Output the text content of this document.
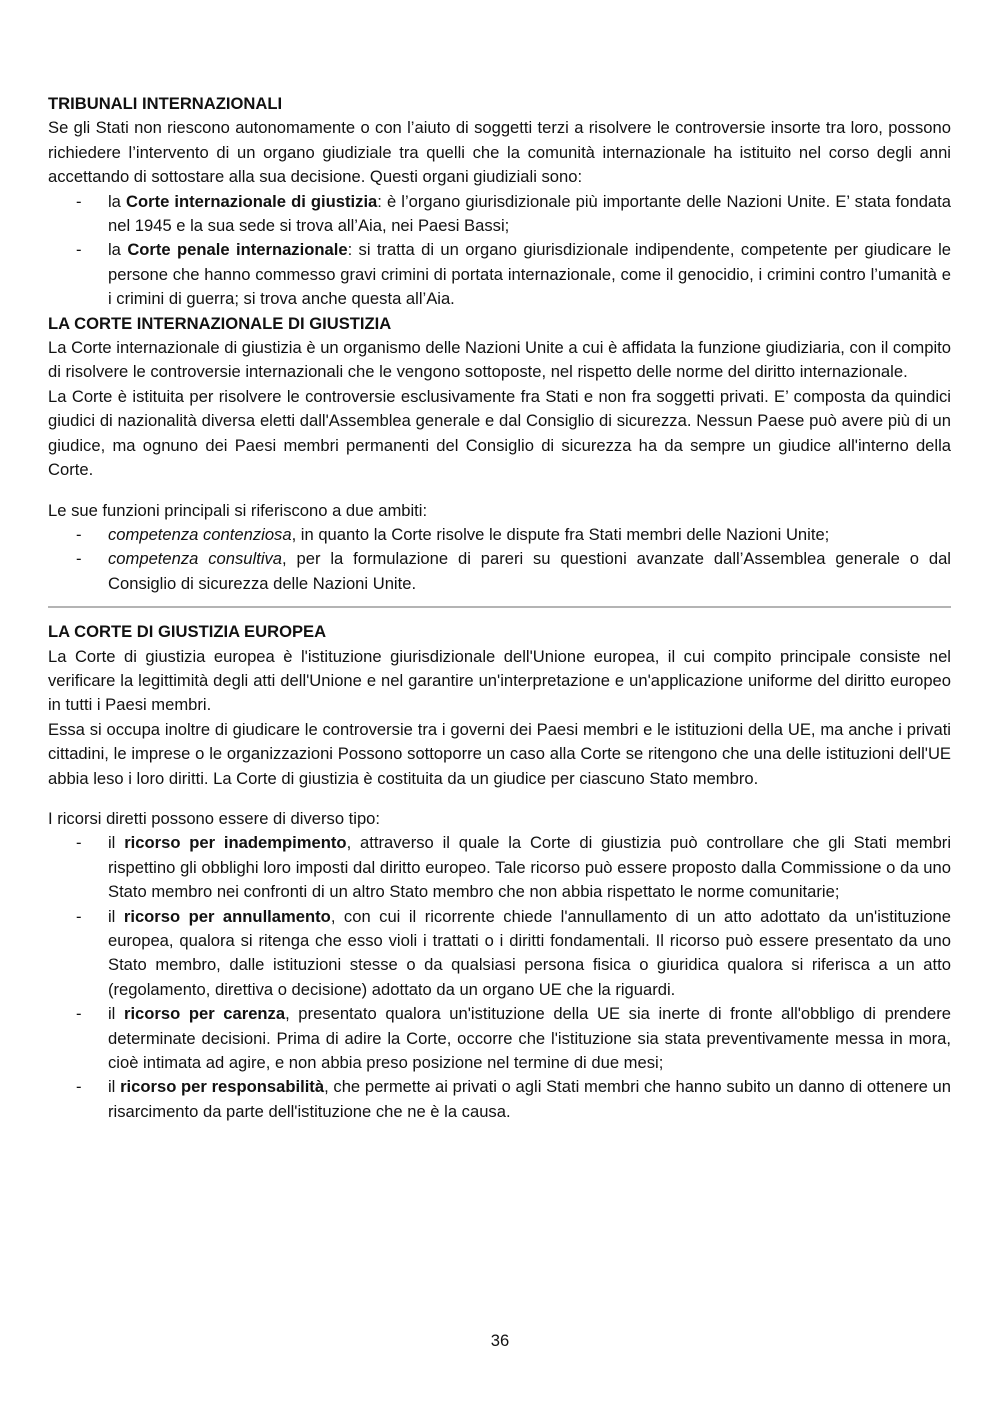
TRIBUNALI INTERNAZIONALI

Se gli Stati non riescono autonomamente o con l’aiuto di soggetti terzi a risolvere le controversie insorte tra loro, possono richiedere l’intervento di un organo giudiziale tra quelli che la comunità internazionale ha istituito nel corso degli anni accettando di sottostare alla sua decisione. Questi organi giudiziali sono:

- la Corte internazionale di giustizia: è l’organo giurisdizionale più importante delle Nazioni Unite. E’ stata fondata nel 1945 e la sua sede si trova all’Aia, nei Paesi Bassi;
- la Corte penale internazionale: si tratta di un organo giurisdizionale indipendente, competente per giudicare le persone che hanno commesso gravi crimini di portata internazionale, come il genocidio, i crimini contro l’umanità e i crimini di guerra; si trova anche questa all’Aia.
LA CORTE INTERNAZIONALE DI GIUSTIZIA

La Corte internazionale di giustizia è un organismo delle Nazioni Unite a cui è affidata la funzione giudiziaria, con il compito di risolvere le controversie internazionali che le vengono sottoposte, nel rispetto delle norme del diritto internazionale.

La Corte è istituita per risolvere le controversie esclusivamente fra Stati e non fra soggetti privati. E’ composta da quindici giudici di nazionalità diversa eletti dall'Assemblea generale e dal Consiglio di sicurezza. Nessun Paese può avere più di un giudice, ma ognuno dei Paesi membri permanenti del Consiglio di sicurezza ha da sempre un giudice all'interno della Corte.

Le sue funzioni principali si riferiscono a due ambiti:

- competenza contenziosa, in quanto la Corte risolve le dispute fra Stati membri delle Nazioni Unite;
- competenza consultiva, per la formulazione di pareri su questioni avanzate dall’Assemblea generale o dal Consiglio di sicurezza delle Nazioni Unite.
LA CORTE DI GIUSTIZIA EUROPEA

La Corte di giustizia europea è l'istituzione giurisdizionale dell'Unione europea, il cui compito principale consiste nel verificare la legittimità degli atti dell'Unione e nel garantire un'interpretazione e un'applicazione uniforme del diritto europeo in tutti i Paesi membri.

Essa si occupa inoltre di giudicare le controversie tra i governi dei Paesi membri e le istituzioni della UE, ma anche i privati cittadini, le imprese o le organizzazioni Possono sottoporre un caso alla Corte se ritengono che una delle istituzioni dell'UE abbia leso i loro diritti. La Corte di giustizia è costituita da un giudice per ciascuno Stato membro.

I ricorsi diretti possono essere di diverso tipo:

- il ricorso per inadempimento, attraverso il quale la Corte di giustizia può controllare che gli Stati membri rispettino gli obblighi loro imposti dal diritto europeo. Tale ricorso può essere proposto dalla Commissione o da uno Stato membro nei confronti di un altro Stato membro che non abbia rispettato le norme comunitarie;
- il ricorso per annullamento, con cui il ricorrente chiede l'annullamento di un atto adottato da un'istituzione europea, qualora si ritenga che esso violi i trattati o i diritti fondamentali. Il ricorso può essere presentato da uno Stato membro, dalle istituzioni stesse o da qualsiasi persona fisica o giuridica qualora si riferisca a un atto (regolamento, direttiva o decisione) adottato da un organo UE che la riguardi.
- il ricorso per carenza, presentato qualora un'istituzione della UE sia inerte di fronte all'obbligo di prendere determinate decisioni. Prima di adire la Corte, occorre che l'istituzione sia stata preventivamente messa in mora, cioè intimata ad agire, e non abbia preso posizione nel termine di due mesi;
- il ricorso per responsabilità, che permette ai privati o agli Stati membri che hanno subito un danno di ottenere un risarcimento da parte dell'istituzione che ne è la causa.
36
